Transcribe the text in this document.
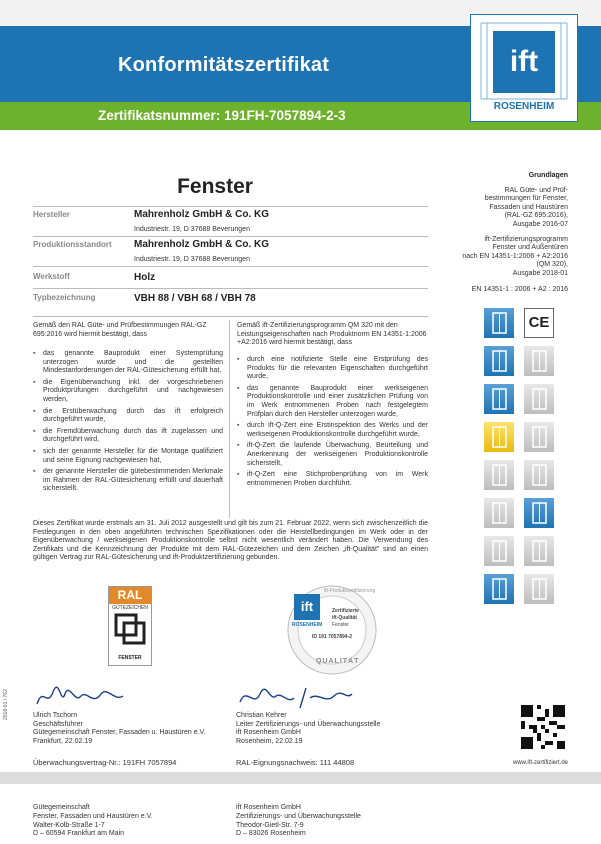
Konformitätszertifikat
Zertifikatsnummer: 191FH-7057894-2-3
ift
ROSENHEIM
Fenster
Hersteller	Mahrenholz GmbH & Co. KG
Industriestr. 19, D 37688 Beverungen
Produktionsstandort Mahrenholz GmbH & Co. KG
Industriestr. 19, D 37688 Beverungen
Werkstoff	Holz
Typbezeichnung	VBH 88 / VBH 68 / VBH 78
Grundlagen
RAL Güte- und Prüf-
bestimmungen für Fenster,
Fassaden und Haustüren
(RAL-GZ 695:2016),
Ausgabe 2016-07
ift-Zertifizierungsprogramm
Fenster und Außentüren
nach EN 14351-1:2006 + A2:2016
(QM 320),
Ausgabe 2018-01
EN 14351-1 : 2006 + A2 : 2016
Gemäß den RAL Güte- und Prüfbestimmungen RAL-GZ 695:2016 wird hiermit bestätigt, dass
▪ das genannte Bauprodukt einer Systemprüfung unterzogen wurde und die gestellten Mindestanforderungen der RAL-Gütesicherung erfüllt hat,
▪ die Eigenüberwachung inkl. der vorgeschriebenen Produktprüfungen durchgeführt und nachgewiesen werden,
▪ die Erstüberwachung durch das ift erfolgreich durchgeführt wurde,
▪ die Fremdüberwachung durch das ift zugelassen und durchgeführt wird,
▪ sich der genannte Hersteller für die Montage qualifiziert und seine Eignung nachgewiesen hat,
▪ der genannte Hersteller die gütebestimmenden Merkmale im Rahmen der RAL-Gütesicherung erfüllt und dauerhaft sicherstellt.
Gemäß ift-Zertifizierungsprogramm QM 320 mit den Leistungseigenschaften nach Produktnorm EN 14351-1:2006 +A2:2016 wird hiermit bestätigt, dass
▪ durch eine notifizierte Stelle eine Erstprüfung des Produkts für die relevanten Eigenschaften durchgeführt wurde,
▪ das genannte Bauprodukt einer werkseigenen Produktionskontrolle und einer zusätzlichen Prüfung von im Werk entnommenen Proben nach festgelegtem Prüfplan durch den Hersteller unterzogen wurde,
▪ durch ift-Q-Zert eine Erstinspektion des Werks und der werkseigenen Produktionskontrolle durchgeführt wurde,
▪ ift-Q-Zert die laufende Überwachung, Beurteilung und Anerkennung der werkseigenen Produktionskontrolle sicherstellt,
▪ ift-Q-Zert eine Stichprobenprüfung von im Werk entnommenen Proben durchführt.
Dieses Zertifikat wurde erstmals am 31. Juli 2012 ausgestellt und gilt bis zum 21. Februar 2022, wenn sich zwischenzeitlich die Festlegungen in den oben angeführten technischen Spezifikationen oder die Herstellbedingungen im Werk oder in der Eigenüberwachung / werkseigenen Produktionskontrolle selbst nicht wesentlich verändert haben. Die Verwendung des Zertifikats und die Kennzeichnung der Produkte mit dem RAL-Gütezeichen und dem Zeichen „ift-Qualität" sind an einen gültigen Vertrag zur RAL-Gütesicherung und ift-Produktzertifizierung gebunden.
CE
RAL
GÜTEZEICHEN
FENSTER
ift
ROSENHEIM
Zertifizierte
ift-Qualität
Fenster
ID 191 7057894-2
QUALITÄT
ift-Produktzertifizierung
Ulrich Tschorn
Geschäftsführer
Gütegemeinschaft Fenster, Fassaden u. Haustüren e.V.
Frankfurt, 22.02.19
Überwachungsvertrag-Nr.: 191FH 7057894
Christian Kehrer
Leiter Zertifizierungs- und Überwachungsstelle
ift Rosenheim GmbH
Rosenheim, 22.02.19
RAL-Eignungsnachweis: 111 44808	www.ift-zertifiziert.de
2018-01 / 762
Gütegemeinschaft
Fenster, Fassaden und Haustüren e.V.
Walter-Kolb-Straße 1-7
D – 60594 Frankfurt am Main
ift Rosenheim GmbH
Zertifizierungs- und Überwachungsstelle
Theodor-Gietl-Str. 7-9
D – 83026 Rosenheim
